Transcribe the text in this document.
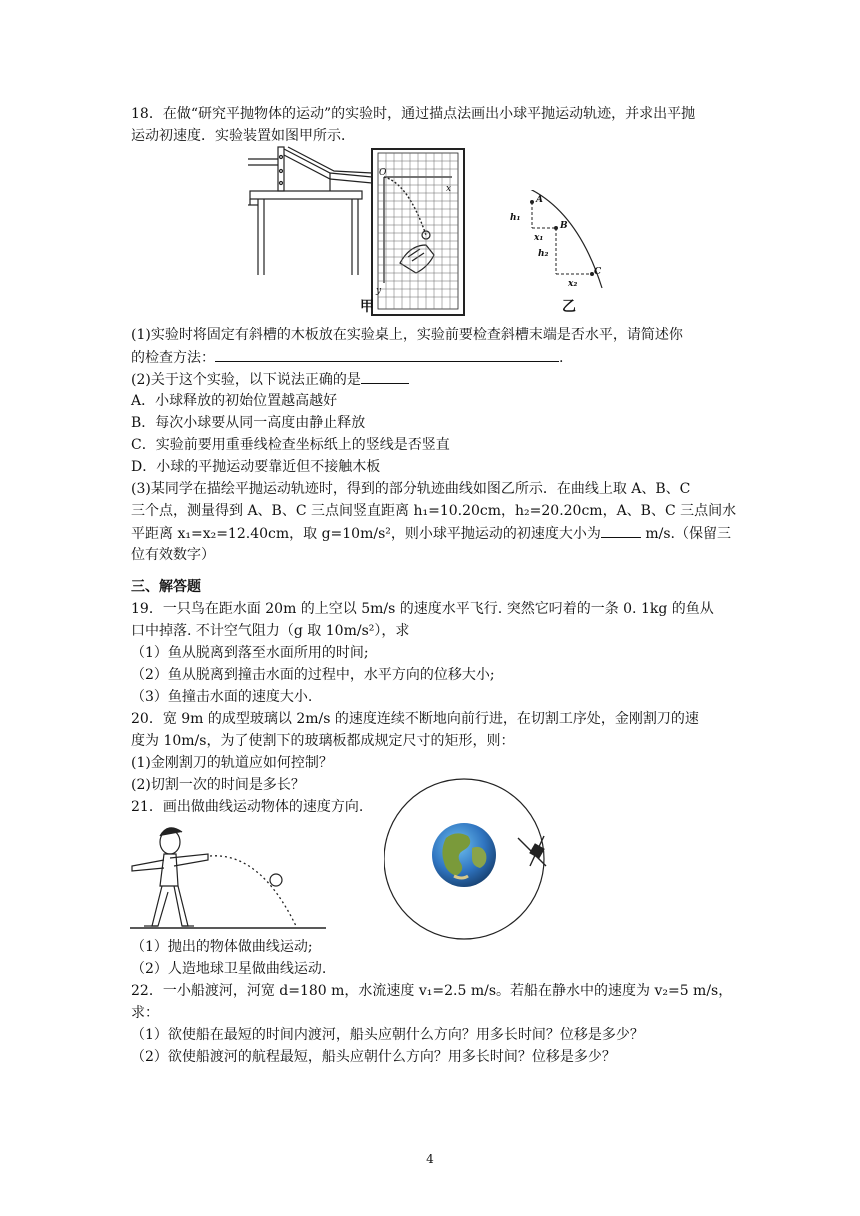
18．在做“研究平抛物体的运动”的实验时，通过描点法画出小球平抛运动轨迹，并求出平抛
运动初速度．实验装置如图甲所示．
O
x
y
A
B
C
h₁
x₁
h₂
x₂
甲	乙
(1)实验时将固定有斜槽的木板放在实验桌上，实验前要检查斜槽末端是否水平，请简述你
的检查方法：	.
(2)关于这个实验，以下说法正确的是
A．小球释放的初始位置越高越好
B．每次小球要从同一高度由静止释放
C．实验前要用重垂线检查坐标纸上的竖线是否竖直
D．小球的平抛运动要靠近但不接触木板
(3)某同学在描绘平抛运动轨迹时，得到的部分轨迹曲线如图乙所示．在曲线上取 A、B、C
三个点，测量得到 A、B、C 三点间竖直距离 h₁=10.20cm，h₂=20.20cm，A、B、C 三点间水
平距离 x₁=x₂=12.40cm，取 g=10m/s²，则小球平抛运动的初速度大小为	m/s.（保留三
位有效数字）
三、解答题
19．一只鸟在距水面 20m 的上空以 5m/s 的速度水平飞行. 突然它叼着的一条 0. 1kg 的鱼从
口中掉落. 不计空气阻力（g 取 10m/s²），求
（1）鱼从脱离到落至水面所用的时间;
（2）鱼从脱离到撞击水面的过程中，水平方向的位移大小;
（3）鱼撞击水面的速度大小.
20．宽 9m 的成型玻璃以 2m/s 的速度连续不断地向前行进，在切割工序处，金刚割刀的速
度为 10m/s，为了使割下的玻璃板都成规定尺寸的矩形，则：
(1)金刚割刀的轨道应如何控制？
(2)切割一次的时间是多长？
21．画出做曲线运动物体的速度方向.
（1）抛出的物体做曲线运动;
（2）人造地球卫星做曲线运动.
22．一小船渡河，河宽 d=180 m，水流速度 v₁=2.5 m/s。若船在静水中的速度为 v₂=5 m/s，
求：
（1）欲使船在最短的时间内渡河，船头应朝什么方向？用多长时间？位移是多少？
（2）欲使船渡河的航程最短，船头应朝什么方向？用多长时间？位移是多少？
4
